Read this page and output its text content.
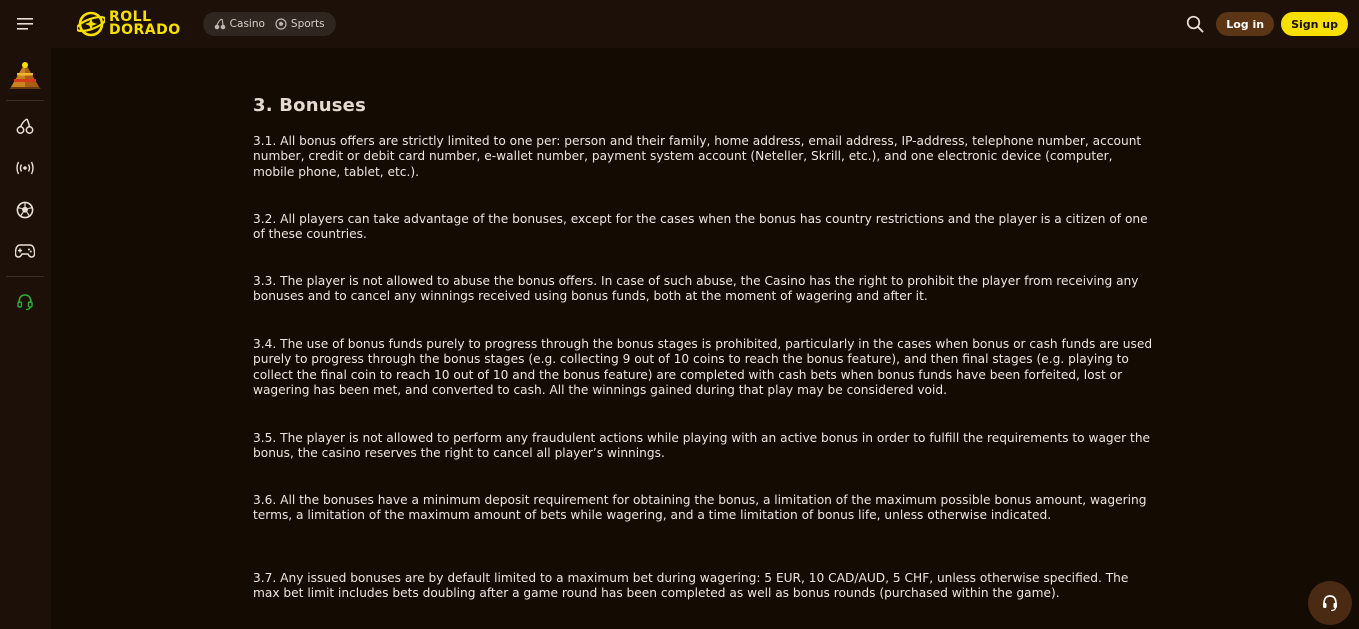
ROLL
DORADO	Casino Sports	Log in	Sign up
3. Bonuses

3.1. All bonus offers are strictly limited to one per: person and their family, home address, email address, IP-address, telephone number, account number, credit or debit card number, e-wallet number, payment system account (Neteller, Skrill, etc.), and one electronic device (computer, mobile phone, tablet, etc.).

3.2. All players can take advantage of the bonuses, except for the cases when the bonus has country restrictions and the player is a citizen of one of these countries.

3.3. The player is not allowed to abuse the bonus offers. In case of such abuse, the Casino has the right to prohibit the player from receiving any bonuses and to cancel any winnings received using bonus funds, both at the moment of wagering and after it.

3.4. The use of bonus funds purely to progress through the bonus stages is prohibited, particularly in the cases when bonus or cash funds are used purely to progress through the bonus stages (e.g. collecting 9 out of 10 coins to reach the bonus feature), and then final stages (e.g. playing to collect the final coin to reach 10 out of 10 and the bonus feature) are completed with cash bets when bonus funds have been forfeited, lost or wagering has been met, and converted to cash. All the winnings gained during that play may be considered void.

3.5. The player is not allowed to perform any fraudulent actions while playing with an active bonus in order to fulfill the requirements to wager the bonus, the casino reserves the right to cancel all player’s winnings.

3.6. All the bonuses have a minimum deposit requirement for obtaining the bonus, a limitation of the maximum possible bonus amount, wagering terms, a limitation of the maximum amount of bets while wagering, and a time limitation of bonus life, unless otherwise indicated.

3.7. Any issued bonuses are by default limited to a maximum bet during wagering: 5 EUR, 10 CAD/AUD, 5 CHF, unless otherwise specified. The max bet limit includes bets doubling after a game round has been completed as well as bonus rounds (purchased within the game).
